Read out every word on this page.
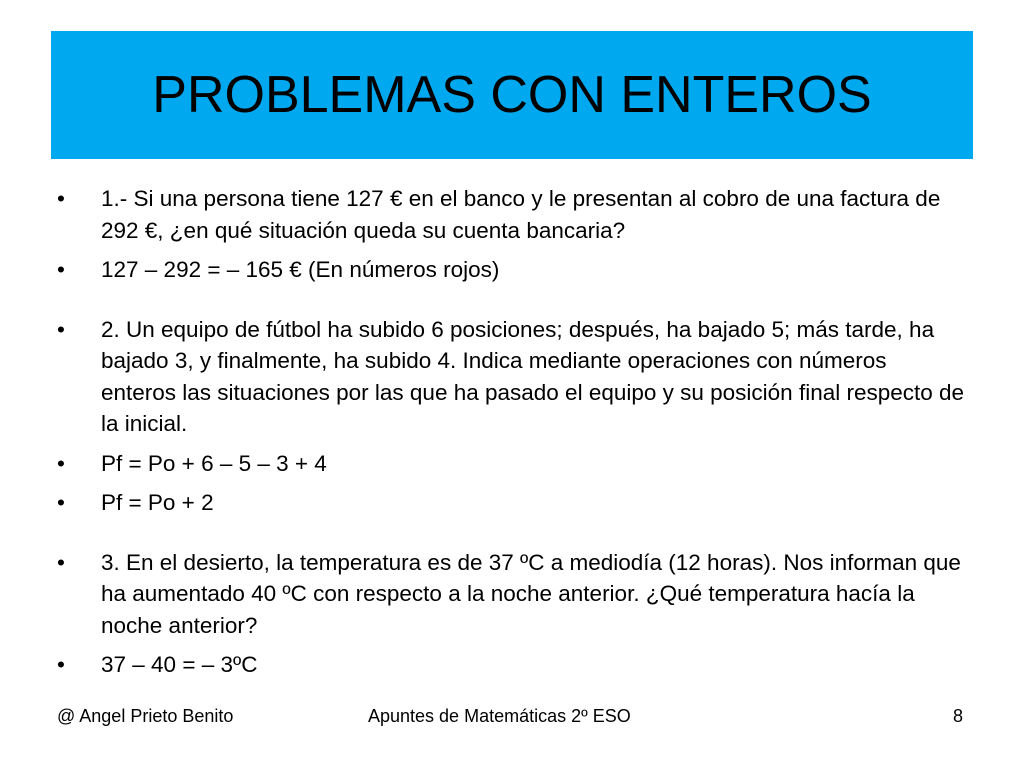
PROBLEMAS CON ENTEROS

•	1.- Si una persona tiene 127 € en el banco y le presentan al cobro de una factura de 292 €, ¿en qué situación queda su cuenta bancaria?

•	127 – 292 = – 165 € (En números rojos)

•	2. Un equipo de fútbol ha subido 6 posiciones; después, ha bajado 5; más tarde, ha bajado 3, y finalmente, ha subido 4. Indica mediante operaciones con números enteros las situaciones por las que ha pasado el equipo y su posición final respecto de la inicial.

•	Pf = Po + 6 – 5 – 3 + 4

•	Pf = Po + 2

•	3. En el desierto, la temperatura es de 37 ºC a mediodía (12 horas). Nos informan que ha aumentado 40 ºC con respecto a la noche anterior. ¿Qué temperatura hacía la noche anterior?

•	37 – 40 = – 3ºC

@ Angel Prieto Benito	Apuntes de Matemáticas 2º ESO	8
